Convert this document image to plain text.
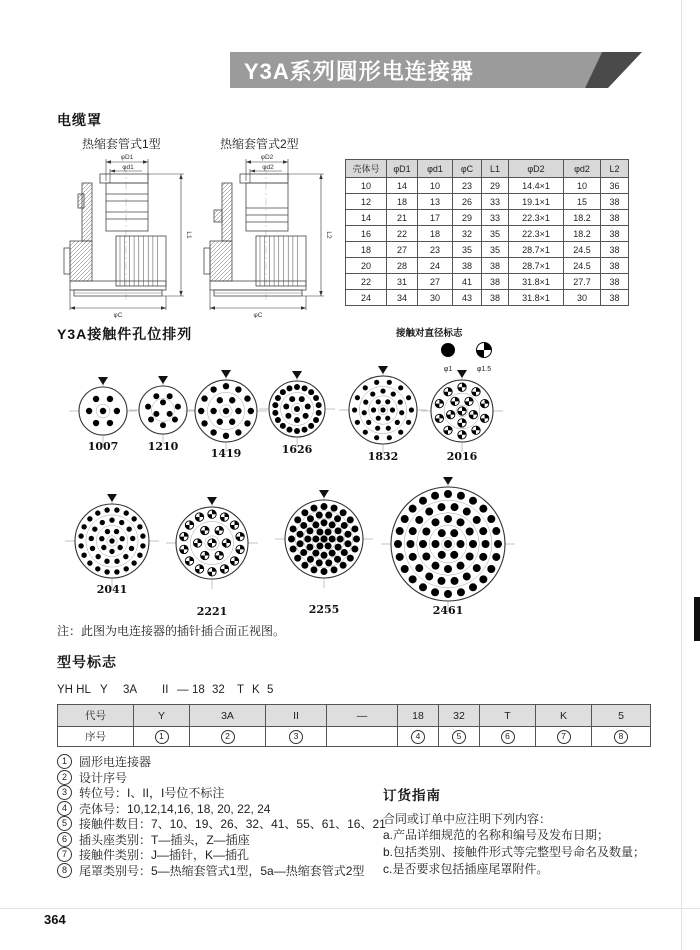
Y3A系列圆形电连接器
电缆罩
热缩套管式1型	热缩套管式2型
φD1
φd1
L1
φC
φD2
φd2
L2
φC
壳体号	φD1	φd1	φC	L1	φD2	φd2	L2
10	14	10	23	29	14.4×1	10	36
12	18	13	26	33	19.1×1	15	38
14	21	17	29	33	22.3×1	18.2	38
16	22	18	32	35	22.3×1	18.2	38
18	27	23	35	35	28.7×1	24.5	38
20	28	24	38	38	28.7×1	24.5	38
22	31	27	41	38	31.8×1	27.7	38
24	34	30	43	38	31.8×1	30	38
Y3A接触件孔位排列	接触对直径标志
φ1	φ1.5
1007	1210
1419	1626
1832	2016
2041
2221	2255	2461
注：此图为电连接器的插针插合面正视图。
型号标志
YH HL Y 3A II — 18 32 T K 5
代号	Y	3A	II	—	18	32	T	K	5
序号	1	2	3		4	5	6	7	8
1	圆形电连接器
2	设计序号
3	转位号：I、II，I号位不标注
4	壳体号：10,12,14,16, 18, 20, 22, 24
5	接触件数目：7、10、19、26、32、41、55、61、16、21
6	插头座类别：T—插头，Z—插座
7	接触件类别：J—插针，K—插孔
8	尾罩类别号：5—热缩套管式1型，5a—热缩套管式2型
订货指南
合同或订单中应注明下列内容：
a.产品详细规范的名称和编号及发布日期；
b.包括类别、接触件形式等完整型号命名及数量；
c.是否要求包括插座尾罩附件。
364
